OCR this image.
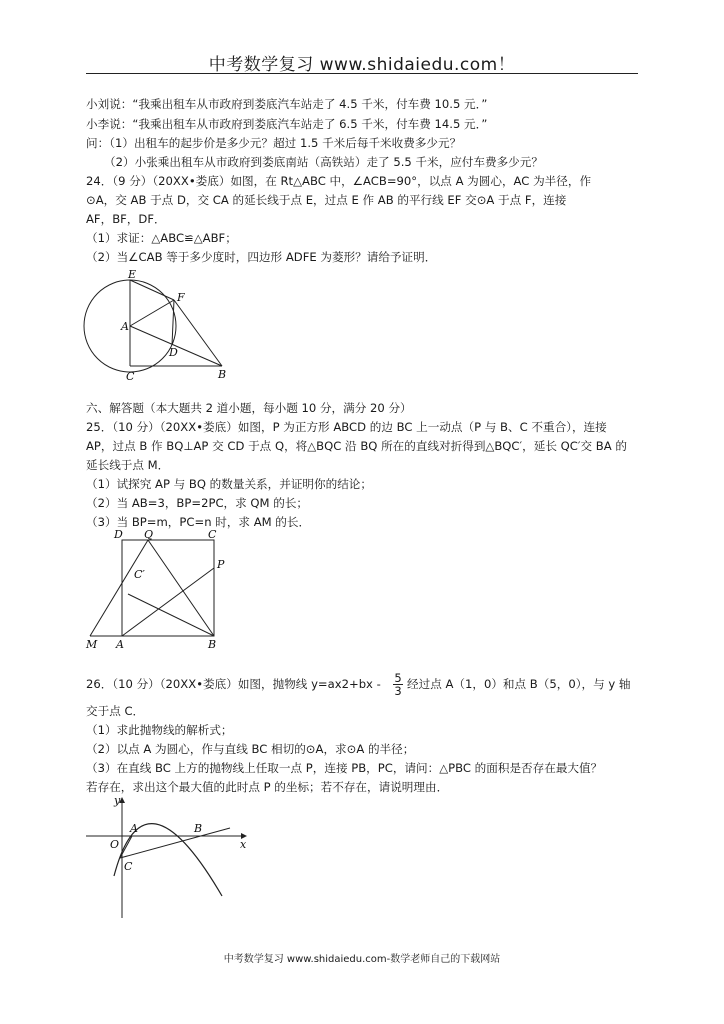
中考数学复习 www.shidaiedu.com！
小刘说：“我乘出租车从市政府到娄底汽车站走了 4.5 千米，付车费 10.5 元．”
小李说：“我乘出租车从市政府到娄底汽车站走了 6.5 千米，付车费 14.5 元．”
问：（1）出租车的起步价是多少元？超过 1.5 千米后每千米收费多少元？
（2）小张乘出租车从市政府到娄底南站（高铁站）走了 5.5 千米，应付车费多少元？
24．（9 分）（20XX•娄底）如图，在 Rt△ABC 中，∠ACB=90°，以点 A 为圆心，AC 为半径，作
⊙A，交 AB 于点 D，交 CA 的延长线于点 E，过点 E 作 AB 的平行线 EF 交⊙A 于点 F，连接
AF，BF，DF．
（1）求证：△ABC≌△ABF；
（2）当∠CAB 等于多少度时，四边形 ADFE 为菱形？请给予证明．
E
F
A
D
C	B
六、解答题（本大题共 2 道小题，每小题 10 分，满分 20 分）
25．（10 分）（20XX•娄底）如图，P 为正方形 ABCD 的边 BC 上一动点（P 与 B、C 不重合），连接
AP，过点 B 作 BQ⊥AP 交 CD 于点 Q，将△BQC 沿 BQ 所在的直线对折得到△BQC′，延长 QC′交 BA 的
延长线于点 M．
（1）试探究 AP 与 BQ 的数量关系，并证明你的结论；
（2）当 AB=3，BP=2PC，求 QM 的长；
（3）当 BP=m，PC=n 时，求 AM 的长．
D Q	C
P
C′
M A	B
26．（10 分）（20XX•娄底）如图，抛物线 $y=ax2+bx - \frac{5}{3}$ 经过点 A（1，0）和点 B（5，0），与 y 轴
交于点 C．
（1）求此抛物线的解析式；
（2）以点 A 为圆心，作与直线 BC 相切的⊙A，求⊙A 的半径；
（3）在直线 BC 上方的抛物线上任取一点 P，连接 PB，PC，请问：△PBC 的面积是否存在最大值？
若存在，求出这个最大值的此时点 P 的坐标；若不存在，请说明理由．
y
x
O
A	B
C
中考数学复习 www.shidaiedu.com-数学老师自己的下载网站
